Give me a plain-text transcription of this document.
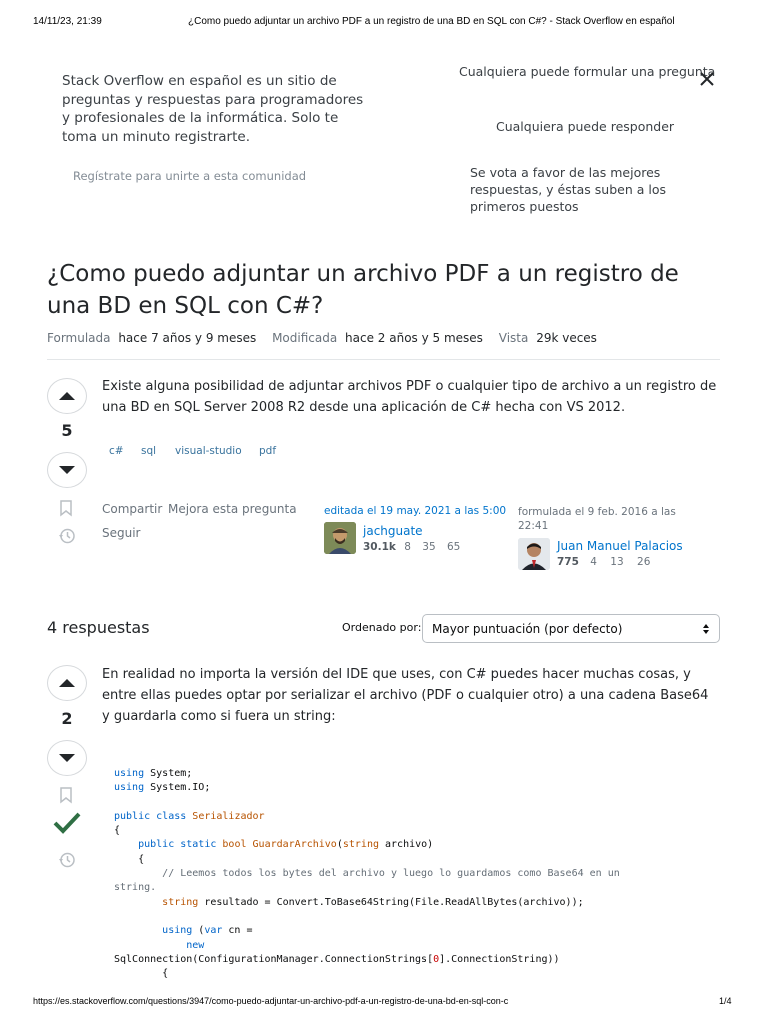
14/11/23, 21:39	¿Como puedo adjuntar un archivo PDF a un registro de una BD en SQL con C#? - Stack Overflow en español
Stack Overflow en español es un sitio de preguntas y respuestas para programadores y profesionales de la informática. Solo te toma un minuto registrarte.
Regístrate para unirte a esta comunidad
Cualquiera puede formular una pregunta
Cualquiera puede responder
Se vota a favor de las mejores respuestas, y éstas suben a los primeros puestos
¿Como puedo adjuntar un archivo PDF a un registro de una BD en SQL con C#?
Formulada hace 7 años y 9 meses Modificada hace 2 años y 5 meses Vista 29k veces
5
Existe alguna posibilidad de adjuntar archivos PDF o cualquier tipo de archivo a un registro de una BD en SQL Server 2008 R2 desde una aplicación de C# hecha con VS 2012.
c#	sql	visual-studio	pdf
Compartir Mejora esta pregunta
Seguir
editada el 19 may. 2021 a las 5:00
jachguate
30.1k 8 35 65
formulada el 9 feb. 2016 a las 22:41
Juan Manuel Palacios
775 4 13 26
4 respuestas	Ordenado por: Mayor puntuación (por defecto)
2
En realidad no importa la versión del IDE que uses, con C# puedes hacer muchas cosas, y entre ellas puedes optar por serializar el archivo (PDF o cualquier otro) a una cadena Base64 y guardarla como si fuera un string:
using System;
using System.IO;
public class Serializador
{
public static bool GuardarArchivo(string archivo)
{
// Leemos todos los bytes del archivo y luego lo guardamos como Base64 en un
string.
string resultado = Convert.ToBase64String(File.ReadAllBytes(archivo));
using (var cn =
new
SqlConnection(ConfigurationManager.ConnectionStrings[0].ConnectionString))
{
https://es.stackoverflow.com/questions/3947/como-puedo-adjuntar-un-archivo-pdf-a-un-registro-de-una-bd-en-sql-con-c	1/4
